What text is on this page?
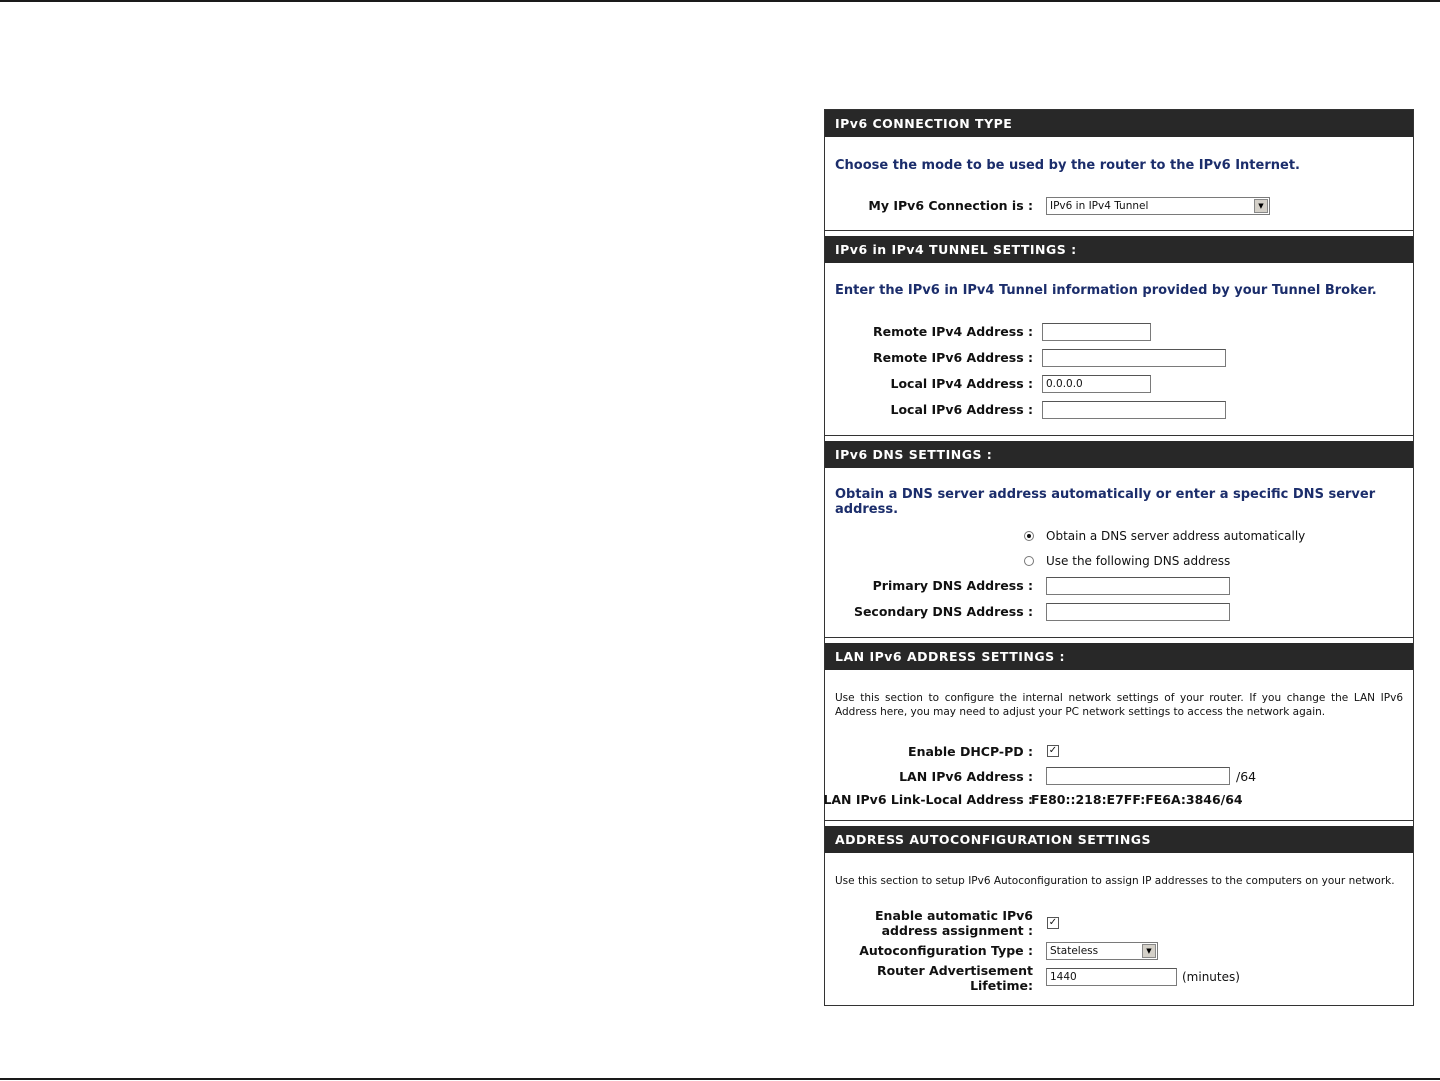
IPv6 CONNECTION TYPE
Choose the mode to be used by the router to the IPv6 Internet.
My IPv6 Connection is :	IPv6 in IPv4 Tunnel	▼
IPv6 in IPv4 TUNNEL SETTINGS :
Enter the IPv6 in IPv4 Tunnel information provided by your Tunnel Broker.
Remote IPv4 Address :
Remote IPv6 Address :
Local IPv4 Address :
0.0.0.0
Local IPv6 Address :
IPv6 DNS SETTINGS :
Obtain a DNS server address automatically or enter a specific DNS server address.
Obtain a DNS server address automatically
Use the following DNS address
Primary DNS Address :
Secondary DNS Address :
LAN IPv6 ADDRESS SETTINGS :
Use this section to configure the internal network settings of your router. If you change the LAN IPv6 Address here, you may need to adjust your PC network settings to access the network again.
Enable DHCP-PD : ✓
LAN IPv6 Address :	/64
LAN IPv6 Link-Local Address :
FE80::218:E7FF:FE6A:3846/64
ADDRESS AUTOCONFIGURATION SETTINGS
Use this section to setup IPv6 Autoconfiguration to assign IP addresses to the computers on your network.
Enable automatic IPv6
address assignment :
✓
Autoconfiguration Type :	Stateless	▼
Router Advertisement
Lifetime:
1440
(minutes)
